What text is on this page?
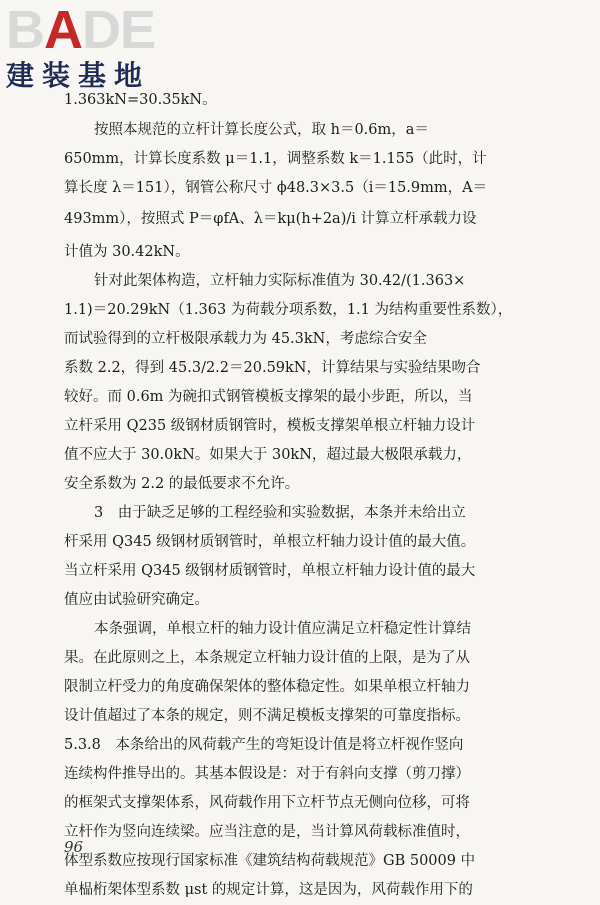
BADE
建装基地
1.363kN=30.35kN。
按照本规范的立杆计算长度公式，取 h＝0.6m，a＝
650mm，计算长度系数 μ＝1.1，调整系数 k＝1.155（此时，计
算长度 λ＝151），钢管公称尺寸 ϕ48.3×3.5（i＝15.9mm，A＝
493mm），按照式 P＝φfA、λ＝kμ(h+2a)/i 计算立杆承载力设
计值为 30.42kN。
针对此架体构造，立杆轴力实际标准值为 30.42/(1.363×
1.1)＝20.29kN（1.363 为荷载分项系数，1.1 为结构重要性系数），
而试验得到的立杆极限承载力为 45.3kN，考虑综合安全
系数 2.2，得到 45.3/2.2＝20.59kN，计算结果与实验结果吻合
较好。而 0.6m 为碗扣式钢管模板支撑架的最小步距，所以，当
立杆采用 Q235 级钢材质钢管时，模板支撑架单根立杆轴力设计
值不应大于 30.0kN。如果大于 30kN，超过最大极限承载力，
安全系数为 2.2 的最低要求不允许。
3　由于缺乏足够的工程经验和实验数据，本条并未给出立
杆采用 Q345 级钢材质钢管时，单根立杆轴力设计值的最大值。
当立杆采用 Q345 级钢材质钢管时，单根立杆轴力设计值的最大
值应由试验研究确定。
本条强调，单根立杆的轴力设计值应满足立杆稳定性计算结
果。在此原则之上，本条规定立杆轴力设计值的上限，是为了从
限制立杆受力的角度确保架体的整体稳定性。如果单根立杆轴力
设计值超过了本条的规定，则不满足模板支撑架的可靠度指标。
5.3.8　本条给出的风荷载产生的弯矩设计值是将立杆视作竖向
连续构件推导出的。其基本假设是：对于有斜向支撑（剪刀撑）
的框架式支撑架体系，风荷载作用下立杆节点无侧向位移，可将
立杆作为竖向连续梁。应当注意的是，当计算风荷载标准值时，
体型系数应按现行国家标准《建筑结构荷载规范》GB 50009 中
单榀桁架体型系数 μst 的规定计算，这是因为，风荷载作用下的
96
